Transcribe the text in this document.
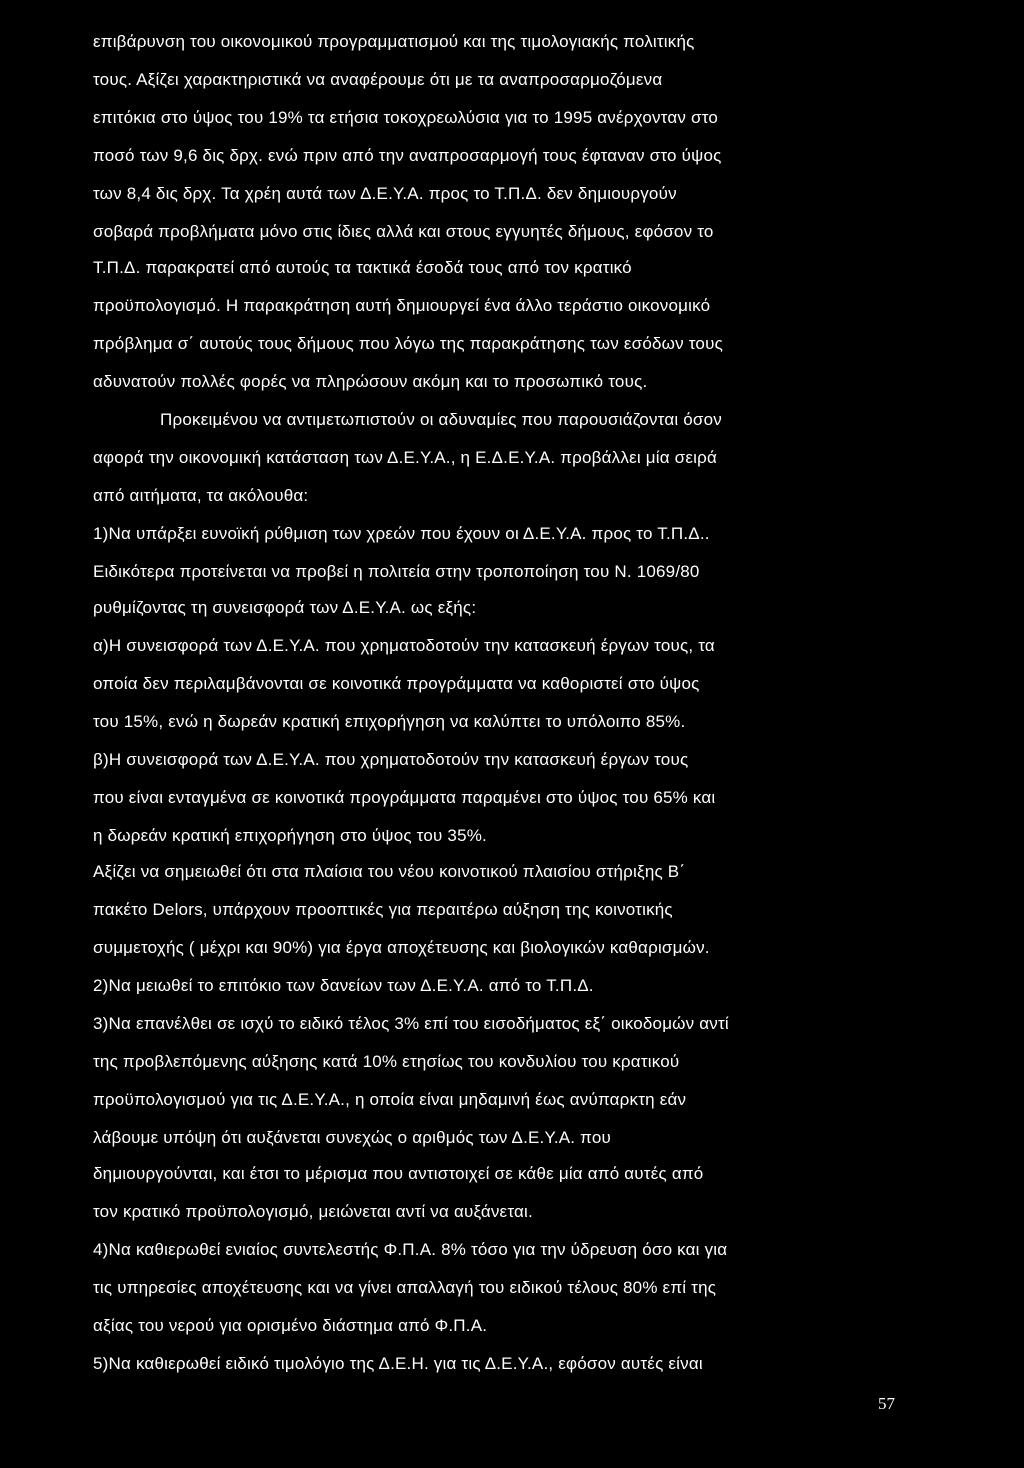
επιβάρυνση του οικονομικού προγραμματισμού και της τιμολογιακής πολιτικής
τους. Αξίζει χαρακτηριστικά να αναφέρουμε ότι με τα αναπροσαρμοζόμενα
επιτόκια στο ύψος του 19% τα ετήσια τοκοχρεωλύσια για το 1995 ανέρχονταν στο
ποσό των 9,6 δις δρχ. ενώ πριν από την αναπροσαρμογή τους έφταναν στο ύψος
των 8,4 δις δρχ. Τα χρέη αυτά των Δ.Ε.Υ.Α. προς το Τ.Π.Δ. δεν δημιουργούν
σοβαρά προβλήματα μόνο στις ίδιες αλλά και στους εγγυητές δήμους, εφόσον το
Τ.Π.Δ. παρακρατεί από αυτούς τα τακτικά έσοδά τους από τον κρατικό
προϋπολογισμό. Η παρακράτηση αυτή δημιουργεί ένα άλλο τεράστιο οικονομικό
πρόβλημα σ΄ αυτούς τους δήμους που λόγω της παρακράτησης των εσόδων τους
αδυνατούν πολλές φορές να πληρώσουν ακόμη και το προσωπικό τους.
Προκειμένου να αντιμετωπιστούν οι αδυναμίες που παρουσιάζονται όσον
αφορά την οικονομική κατάσταση των Δ.Ε.Υ.Α., η Ε.Δ.Ε.Υ.Α. προβάλλει μία σειρά
από αιτήματα, τα ακόλουθα:
1)Να υπάρξει ευνοϊκή ρύθμιση των χρεών που έχουν οι Δ.Ε.Υ.Α. προς το Τ.Π.Δ..
Ειδικότερα προτείνεται να προβεί η πολιτεία στην τροποποίηση του Ν. 1069/80
ρυθμίζοντας τη συνεισφορά των Δ.Ε.Υ.Α. ως εξής:
α)Η συνεισφορά των Δ.Ε.Υ.Α. που χρηματοδοτούν την κατασκευή έργων τους, τα
οποία δεν περιλαμβάνονται σε κοινοτικά προγράμματα να καθοριστεί στο ύψος
του 15%, ενώ η δωρεάν κρατική επιχορήγηση να καλύπτει το υπόλοιπο 85%.
β)Η συνεισφορά των Δ.Ε.Υ.Α. που χρηματοδοτούν την κατασκευή έργων τους
που είναι ενταγμένα σε κοινοτικά προγράμματα παραμένει στο ύψος του 65% και
η δωρεάν κρατική επιχορήγηση στο ύψος του 35%.
Αξίζει να σημειωθεί ότι στα πλαίσια του νέου κοινοτικού πλαισίου στήριξης Β΄
πακέτο Delors, υπάρχουν προοπτικές για περαιτέρω αύξηση της κοινοτικής
συμμετοχής ( μέχρι και 90%) για έργα αποχέτευσης και βιολογικών καθαρισμών.
2)Να μειωθεί το επιτόκιο των δανείων των Δ.Ε.Υ.Α. από το Τ.Π.Δ.
3)Να επανέλθει σε ισχύ το ειδικό τέλος 3% επί του εισοδήματος εξ΄ οικοδομών αντί
της προβλεπόμενης αύξησης κατά 10% ετησίως του κονδυλίου του κρατικού
προϋπολογισμού για τις Δ.Ε.Υ.Α., η οποία είναι μηδαμινή έως ανύπαρκτη εάν
λάβουμε υπόψη ότι αυξάνεται συνεχώς ο αριθμός των Δ.Ε.Υ.Α. που
δημιουργούνται, και έτσι το μέρισμα που αντιστοιχεί σε κάθε μία από αυτές από
τον κρατικό προϋπολογισμό, μειώνεται αντί να αυξάνεται.
4)Να καθιερωθεί ενιαίος συντελεστής Φ.Π.Α. 8% τόσο για την ύδρευση όσο και για
τις υπηρεσίες αποχέτευσης και να γίνει απαλλαγή του ειδικού τέλους 80% επί της
αξίας του νερού για ορισμένο διάστημα από Φ.Π.Α.
5)Να καθιερωθεί ειδικό τιμολόγιο της Δ.Ε.Η. για τις Δ.Ε.Υ.Α., εφόσον αυτές είναι
57
